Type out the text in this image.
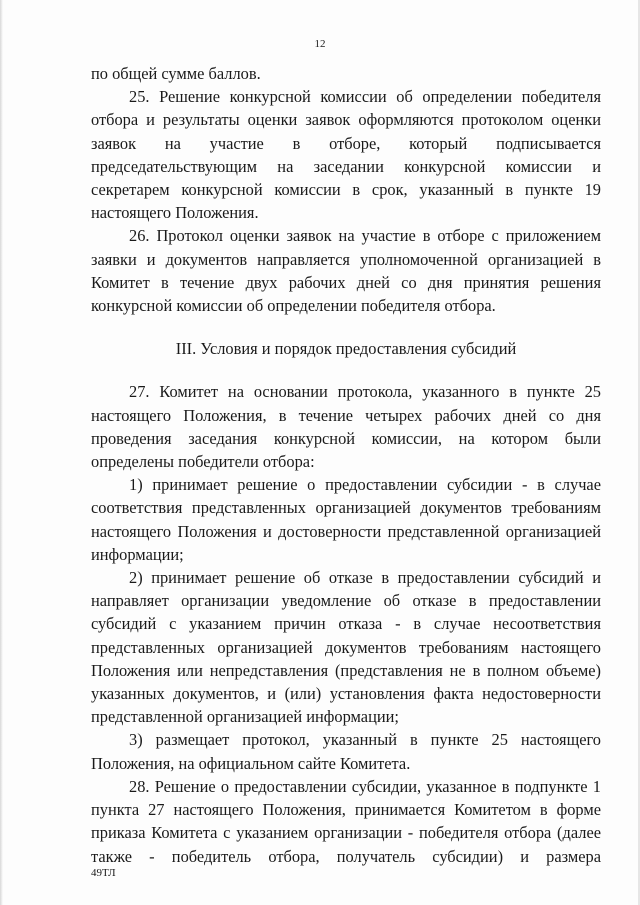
12

по общей сумме баллов.

25. Решение конкурсной комиссии об определении победителя отбора и результаты оценки заявок оформляются протоколом оценки заявок на участие в отборе, который подписывается председательствующим на заседании конкурсной комиссии и секретарем конкурсной комиссии в срок, указанный в пункте 19 настоящего Положения.

26. Протокол оценки заявок на участие в отборе с приложением заявки и документов направляется уполномоченной организацией в Комитет в течение двух рабочих дней со дня принятия решения конкурсной комиссии об определении победителя отбора.

III. Условия и порядок предоставления субсидий

27. Комитет на основании протокола, указанного в пункте 25 настоящего Положения, в течение четырех рабочих дней со дня проведения заседания конкурсной комиссии, на котором были определены победители отбора:

1) принимает решение о предоставлении субсидии - в случае соответствия представленных организацией документов требованиям настоящего Положения и достоверности представленной организацией информации;

2) принимает решение об отказе в предоставлении субсидий и направляет организации уведомление об отказе в предоставлении субсидий с указанием причин отказа - в случае несоответствия представленных организацией документов требованиям настоящего Положения или непредставления (представления не в полном объеме) указанных документов, и (или) установления факта недостоверности представленной организацией информации;

3) размещает протокол, указанный в пункте 25 настоящего Положения, на официальном сайте Комитета.

28. Решение о предоставлении субсидии, указанное в подпункте 1 пункта 27 настоящего Положения, принимается Комитетом в форме приказа Комитета с указанием организации - победителя отбора (далее также - победитель отбора, получатель субсидии) и размера

49ТЛ
